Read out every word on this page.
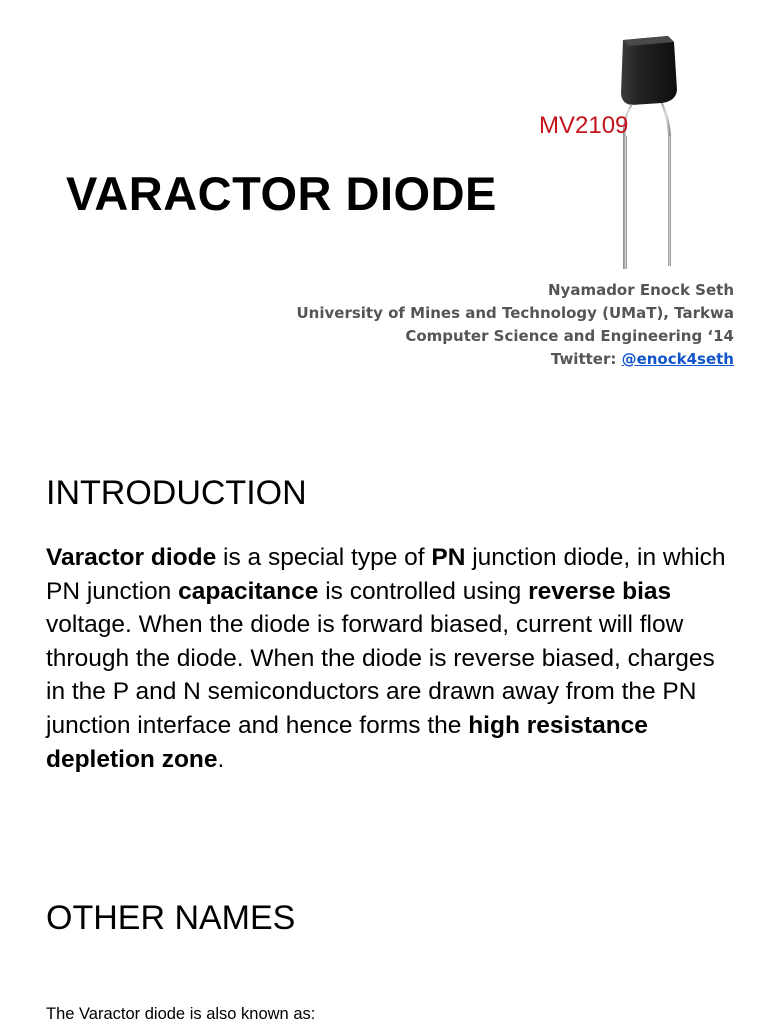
VARACTOR DIODE
MV2109
Nyamador Enock Seth
University of Mines and Technology (UMaT), Tarkwa
Computer Science and Engineering ‘14
Twitter: @enock4seth
INTRODUCTION

Varactor diode is a special type of PN junction diode, in which PN junction capacitance is controlled using reverse bias voltage. When the diode is forward biased, current will flow through the diode. When the diode is reverse biased, charges in the P and N semiconductors are drawn away from the PN junction interface and hence forms the high resistance depletion zone.

OTHER NAMES

The Varactor diode is also known as:
